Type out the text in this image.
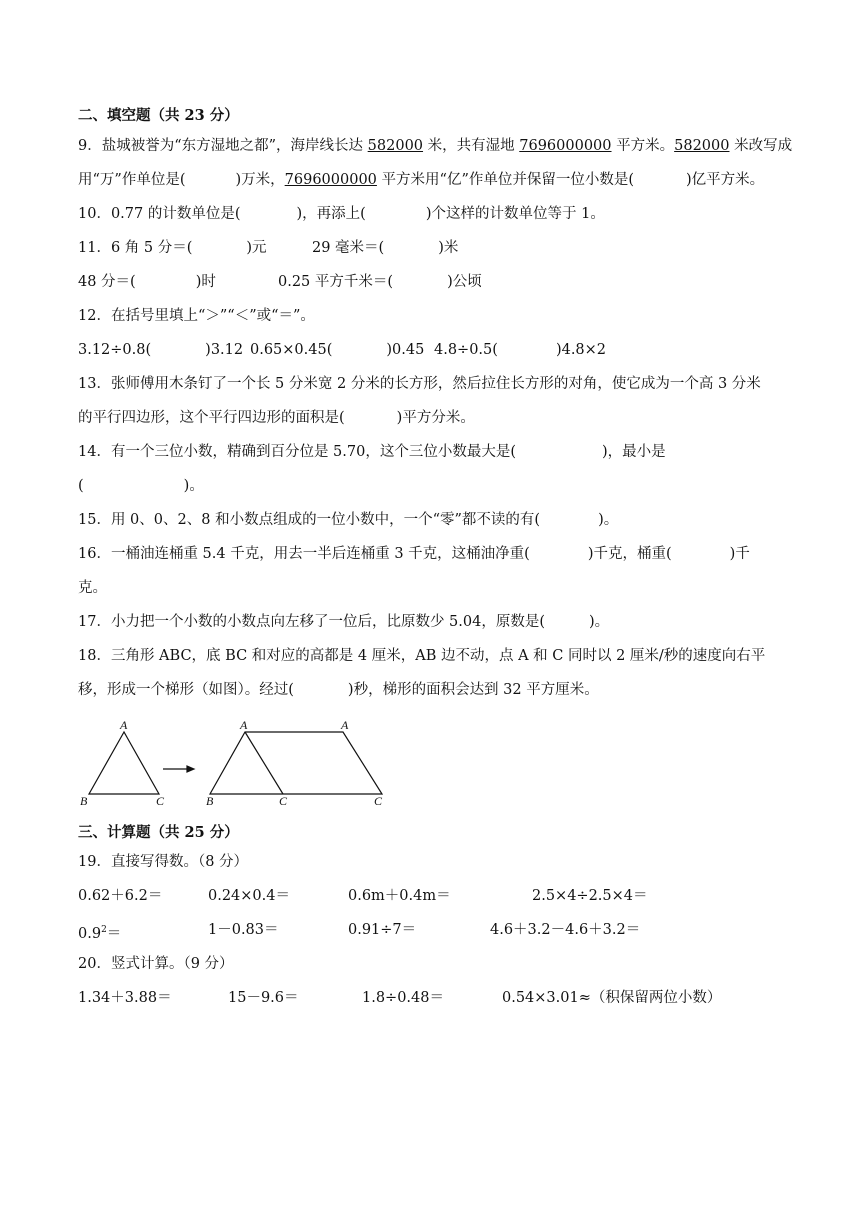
二、填空题（共 23 分）
9．盐城被誉为“东方湿地之都”，海岸线长达 582000 米，共有湿地 7696000000 平方米。582000 米改写成
用“万”作单位是(	)万米，7696000000 平方米用“亿”作单位并保留一位小数是(	)亿平方米。
10．0.77 的计数单位是(	)，再添上(	)个这样的计数单位等于 1。
11．6 角 5 分＝(	)元	29 毫米＝(	)米
48 分＝(	)时	0.25 平方千米＝(	)公顷
12．在括号里填上“＞”“＜”或“＝”。
3.12÷0.8(	)3.12 0.65×0.45(	)0.45 4.8÷0.5(	)4.8×2
13．张师傅用木条钉了一个长 5 分米宽 2 分米的长方形，然后拉住长方形的对角，使它成为一个高 3 分米
的平行四边形，这个平行四边形的面积是(	)平方分米。
14．有一个三位小数，精确到百分位是 5.70，这个三位小数最大是(	)，最小是
(	)。
15．用 0、0、2、8 和小数点组成的一位小数中，一个“零”都不读的有(	)。
16．一桶油连桶重 5.4 千克，用去一半后连桶重 3 千克，这桶油净重(	)千克，桶重(	)千
克。
17．小力把一个小数的小数点向左移了一位后，比原数少 5.04，原数是(	)。
18．三角形 ABC，底 BC 和对应的高都是 4 厘米，AB 边不动，点 A 和 C 同时以 2 厘米/秒的速度向右平
移，形成一个梯形（如图）。经过(	)秒，梯形的面积会达到 32 平方厘米。
A
B	C
A	A
B	C	C
三、计算题（共 25 分）
19．直接写得数。（8 分）
0.62＋6.2＝	0.24×0.4＝	0.6m＋0.4m＝	2.5×4÷2.5×4＝
$0.9^2=$	1－0.83＝	0.91÷7＝	4.6＋3.2－4.6＋3.2＝
20．竖式计算。（9 分）
1.34＋3.88＝	15－9.6＝	1.8÷0.48＝	0.54×3.01≈（积保留两位小数）
